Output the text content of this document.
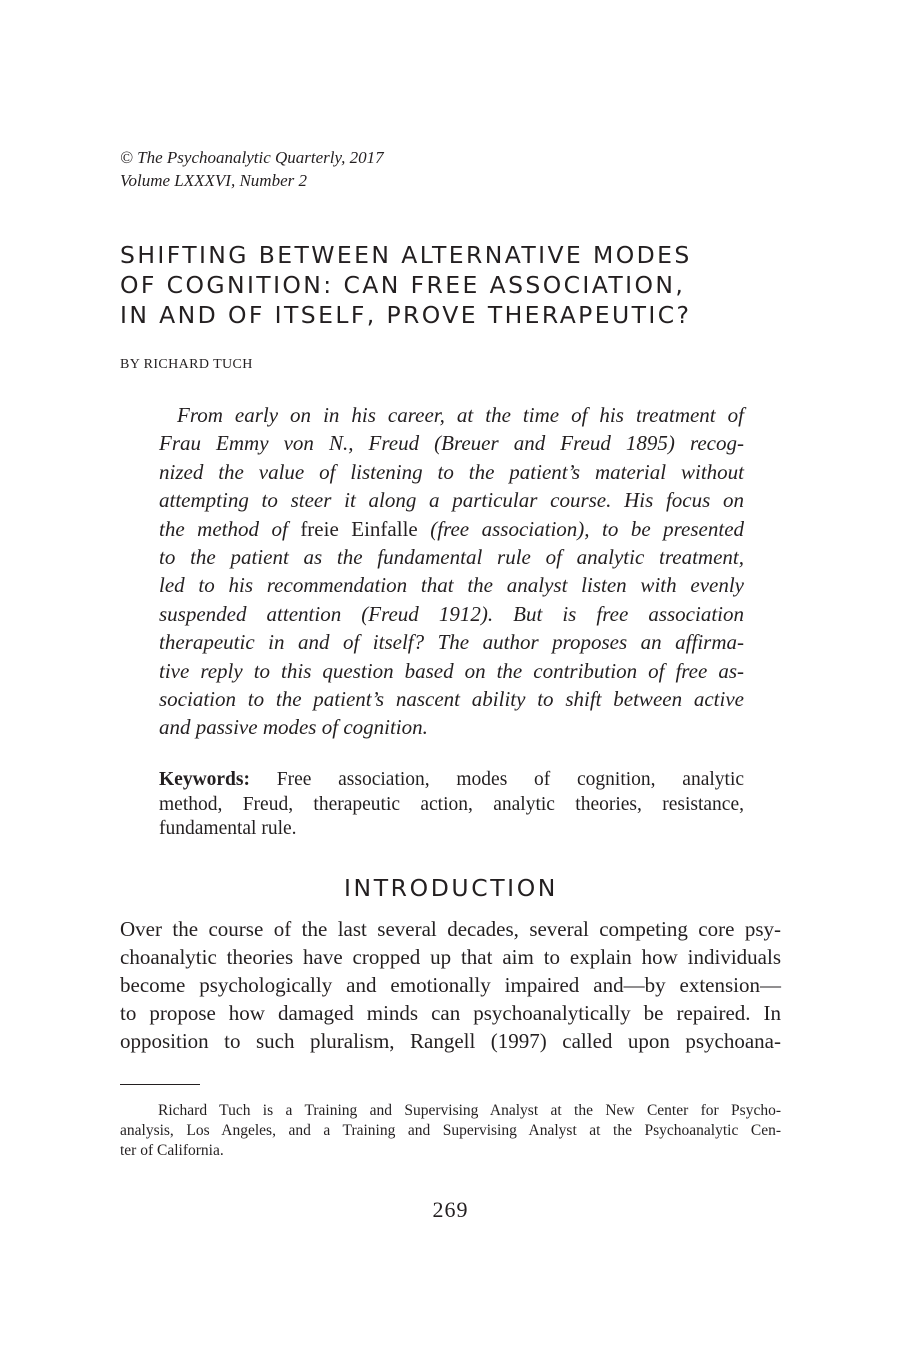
© The Psychoanalytic Quarterly, 2017
Volume LXXXVI, Number 2
SHIFTING BETWEEN ALTERNATIVE MODES
OF COGNITION: CAN FREE ASSOCIATION,
IN AND OF ITSELF, PROVE THERAPEUTIC?
BY RICHARD TUCH
From early on in his career, at the time of his treatment of
Frau Emmy von N., Freud (Breuer and Freud 1895) recog-
nized the value of listening to the patient’s material without
attempting to steer it along a particular course. His focus on
the method of freie Einfalle (free association), to be presented
to the patient as the fundamental rule of analytic treatment,
led to his recommendation that the analyst listen with evenly
suspended attention (Freud 1912). But is free association
therapeutic in and of itself? The author proposes an affirma-
tive reply to this question based on the contribution of free as-
sociation to the patient’s nascent ability to shift between active
and passive modes of cognition.
Keywords: Free association, modes of cognition, analytic
method, Freud, therapeutic action, analytic theories, resistance,
fundamental rule.
INTRODUCTION
Over the course of the last several decades, several competing core psy-
choanalytic theories have cropped up that aim to explain how individuals
become psychologically and emotionally impaired and—by extension—
to propose how damaged minds can psychoanalytically be repaired. In
opposition to such pluralism, Rangell (1997) called upon psychoana-
Richard Tuch is a Training and Supervising Analyst at the New Center for Psycho-
analysis, Los Angeles, and a Training and Supervising Analyst at the Psychoanalytic Cen-
ter of California.
269
